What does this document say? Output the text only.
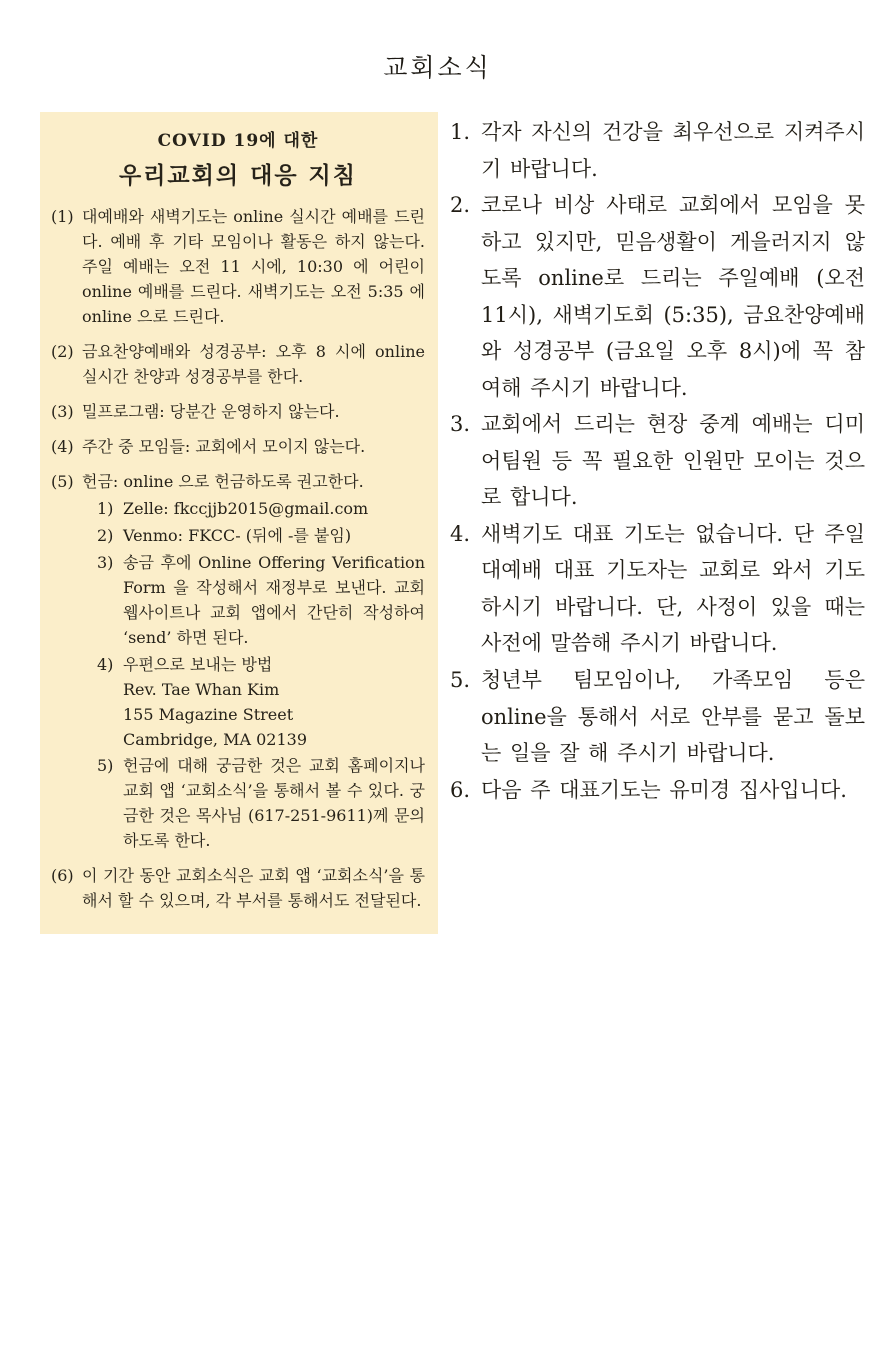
교회소식
COVID 19에 대한
우리교회의 대응 지침
(1) 대예배와 새벽기도는 online 실시간 예배를 드린다. 예배 후 기타 모임이나 활동은 하지 않는다. 주일 예배는 오전 11 시에, 10:30 에 어린이 online 예배를 드린다. 새벽기도는 오전 5:35 에 online 으로 드린다.
(2) 금요찬양예배와 성경공부: 오후 8 시에 online 실시간 찬양과 성경공부를 한다.
(3) 밀프로그램: 당분간 운영하지 않는다.
(4) 주간 중 모임들: 교회에서 모이지 않는다.
(5) 헌금: online 으로 헌금하도록 권고한다.
1) Zelle: fkccjjb2015@gmail.com
2) Venmo: FKCC- (뒤에 -를 붙임)
3) 송금 후에 Online Offering Verification Form 을 작성해서 재정부로 보낸다. 교회 웹사이트나 교회 앱에서 간단히 작성하여 ‘send’ 하면 된다.
4) 우편으로 보내는 방법
Rev. Tae Whan Kim
155 Magazine Street
Cambridge, MA 02139
5) 헌금에 대해 궁금한 것은 교회 홈페이지나 교회 앱 ‘교회소식’을 통해서 볼 수 있다. 궁금한 것은 목사님 (617-251-9611)께 문의하도록 한다.
(6) 이 기간 동안 교회소식은 교회 앱 ‘교회소식’을 통해서 할 수 있으며, 각 부서를 통해서도 전달된다.
1. 각자 자신의 건강을 최우선으로 지켜주시기 바랍니다.
2. 코로나 비상 사태로 교회에서 모임을 못하고 있지만, 믿음생활이 게을러지지 않도록 online로 드리는 주일예배 (오전 11시), 새벽기도회 (5:35), 금요찬양예배와 성경공부 (금요일 오후 8시)에 꼭 참여해 주시기 바랍니다.
3. 교회에서 드리는 현장 중계 예배는 디미어팀원 등 꼭 필요한 인원만 모이는 것으로 합니다.
4. 새벽기도 대표 기도는 없습니다. 단 주일대예배 대표 기도자는 교회로 와서 기도하시기 바랍니다. 단, 사정이 있을 때는 사전에 말씀해 주시기 바랍니다.
5. 청년부 팀모임이나, 가족모임 등은 online을 통해서 서로 안부를 묻고 돌보는 일을 잘 해 주시기 바랍니다.
6. 다음 주 대표기도는 유미경 집사입니다.
